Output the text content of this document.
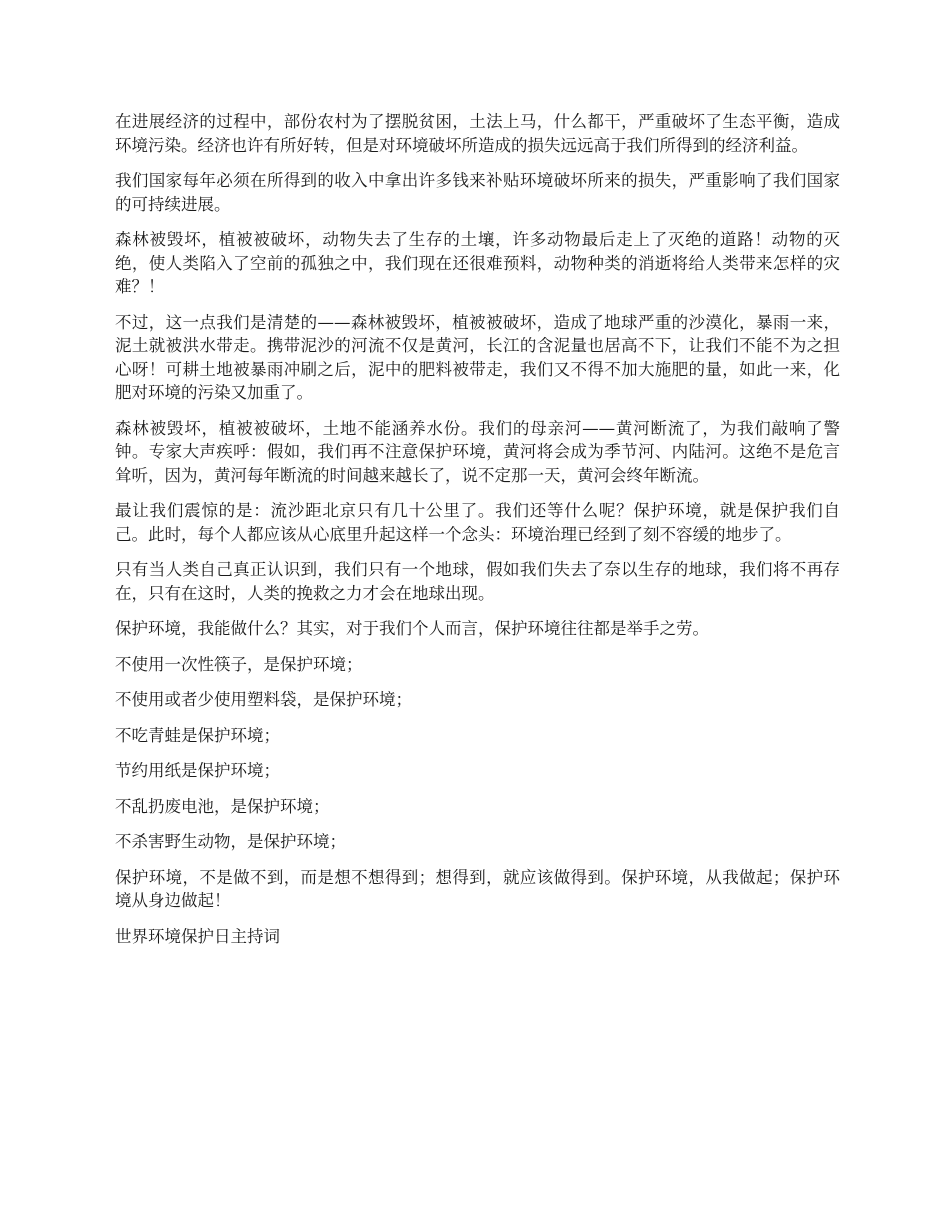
在进展经济的过程中，部份农村为了摆脱贫困，土法上马，什么都干，严重破坏了生态平衡，造成环境污染。经济也许有所好转，但是对环境破坏所造成的损失远远高于我们所得到的经济利益。

我们国家每年必须在所得到的收入中拿出许多钱来补贴环境破坏所来的损失，严重影响了我们国家的可持续进展。

森林被毁坏，植被被破坏，动物失去了生存的土壤，许多动物最后走上了灭绝的道路！动物的灭绝，使人类陷入了空前的孤独之中，我们现在还很难预料，动物种类的消逝将给人类带来怎样的灾难？！

不过，这一点我们是清楚的——森林被毁坏，植被被破坏，造成了地球严重的沙漠化，暴雨一来，泥土就被洪水带走。携带泥沙的河流不仅是黄河，长江的含泥量也居高不下，让我们不能不为之担心呀！可耕土地被暴雨冲刷之后，泥中的肥料被带走，我们又不得不加大施肥的量，如此一来，化肥对环境的污染又加重了。

森林被毁坏，植被被破坏，土地不能涵养水份。我们的母亲河——黄河断流了，为我们敲响了警钟。专家大声疾呼：假如，我们再不注意保护环境，黄河将会成为季节河、内陆河。这绝不是危言耸听，因为，黄河每年断流的时间越来越长了，说不定那一天，黄河会终年断流。

最让我们震惊的是：流沙距北京只有几十公里了。我们还等什么呢？保护环境，就是保护我们自己。此时，每个人都应该从心底里升起这样一个念头：环境治理已经到了刻不容缓的地步了。

只有当人类自己真正认识到，我们只有一个地球，假如我们失去了奈以生存的地球，我们将不再存在，只有在这时，人类的挽救之力才会在地球出现。

保护环境，我能做什么？其实，对于我们个人而言，保护环境往往都是举手之劳。

不使用一次性筷子，是保护环境；

不使用或者少使用塑料袋，是保护环境；

不吃青蛙是保护环境；

节约用纸是保护环境；

不乱扔废电池，是保护环境；

不杀害野生动物，是保护环境；

保护环境，不是做不到，而是想不想得到；想得到，就应该做得到。保护环境，从我做起；保护环境从身边做起！

世界环境保护日主持词
